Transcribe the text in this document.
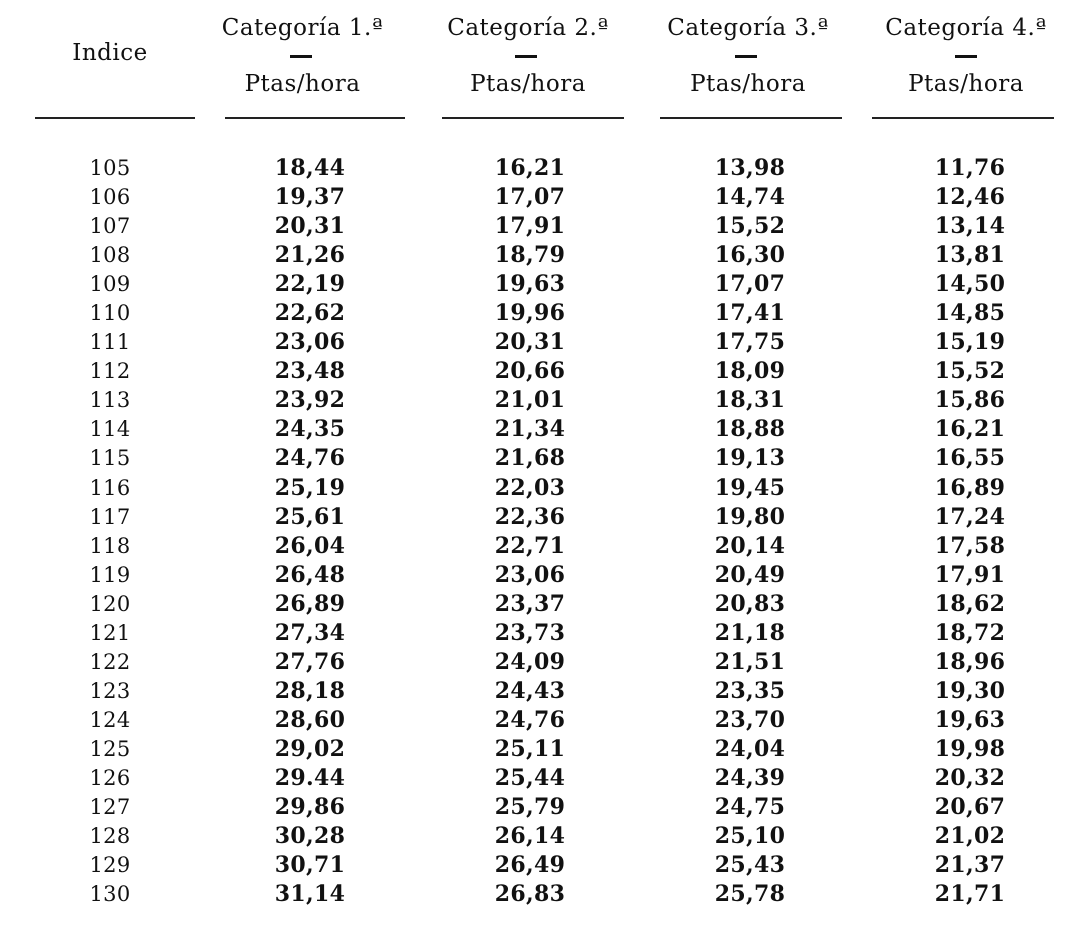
Indice
Categoría 1.ª	Categoría 2.ª	Categoría 3.ª	Categoría 4.ª
Ptas/hora	Ptas/hora	Ptas/hora	Ptas/hora
105	18,44	16,21	13,98	11,76
106	19,37	17,07	14,74	12,46
107	20,31	17,91	15,52	13,14
108	21,26	18,79	16,30	13,81
109	22,19	19,63	17,07	14,50
110	22,62	19,96	17,41	14,85
111	23,06	20,31	17,75	15,19
112	23,48	20,66	18,09	15,52
113	23,92	21,01	18,31	15,86
114	24,35	21,34	18,88	16,21
115	24,76	21,68	19,13	16,55
116	25,19	22,03	19,45	16,89
117	25,61	22,36	19,80	17,24
118	26,04	22,71	20,14	17,58
119	26,48	23,06	20,49	17,91
120	26,89	23,37	20,83	18,62
121	27,34	23,73	21,18	18,72
122	27,76	24,09	21,51	18,96
123	28,18	24,43	23,35	19,30
124	28,60	24,76	23,70	19,63
125	29,02	25,11	24,04	19,98
126	29.44	25,44	24,39	20,32
127	29,86	25,79	24,75	20,67
128	30,28	26,14	25,10	21,02
129	30,71	26,49	25,43	21,37
130	31,14	26,83	25,78	21,71
